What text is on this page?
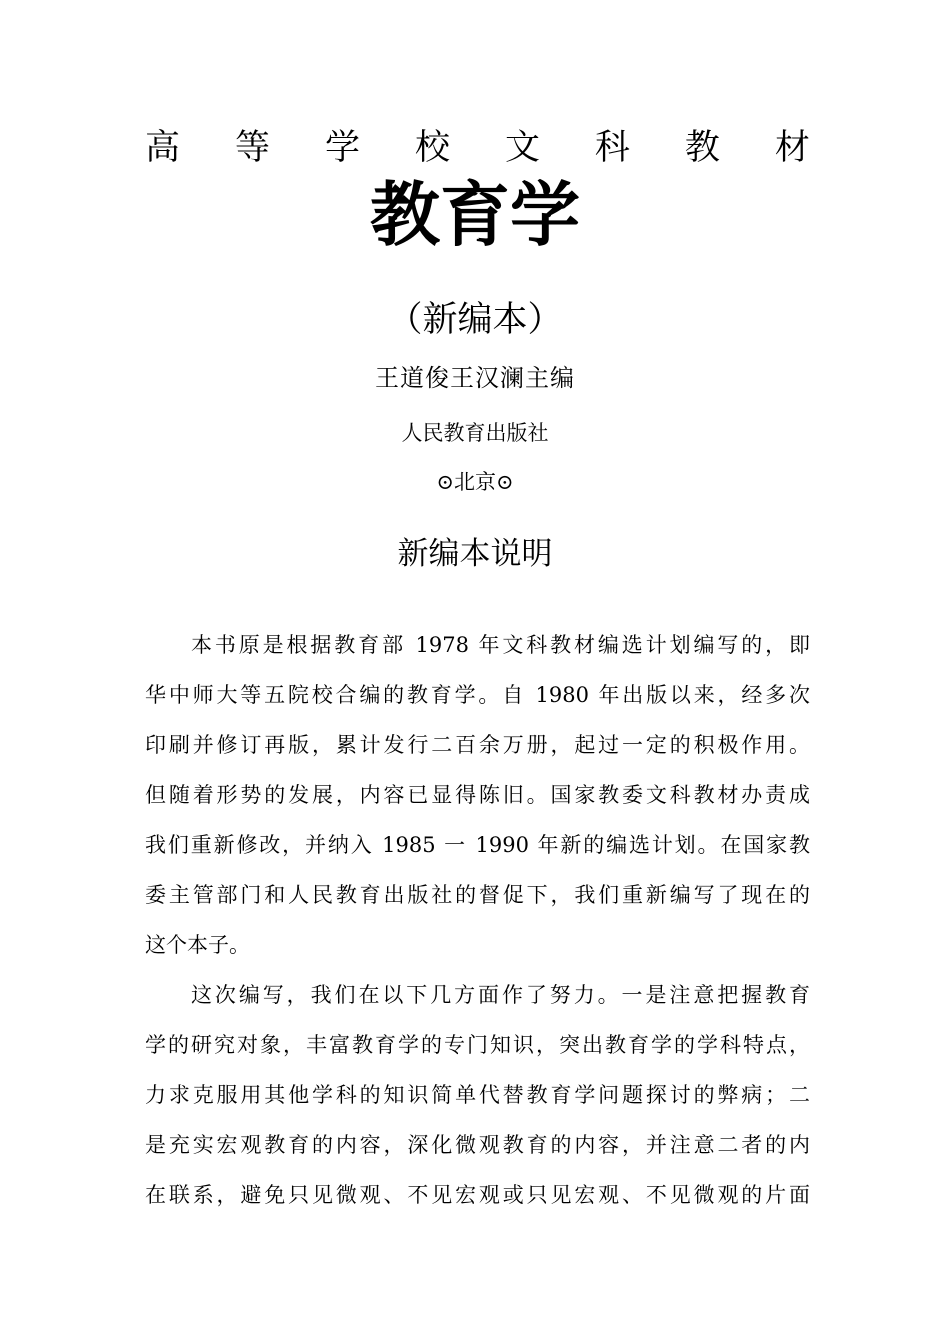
高 等 学 校 文 科 教 材
教育学
（新编本）
王道俊王汉澜主编
人民教育出版社
⊙北京⊙
新编本说明
本书原是根据教育部 1978 年文科教材编选计划编写的，即
华中师大等五院校合编的教育学。自 1980 年出版以来，经多次
印刷并修订再版，累计发行二百余万册，起过一定的积极作用。
但随着形势的发展，内容已显得陈旧。国家教委文科教材办责成
我们重新修改，并纳入 1985 一 1990 年新的编选计划。在国家教
委主管部门和人民教育出版社的督促下，我们重新编写了现在的
这个本子。
这次编写，我们在以下几方面作了努力。一是注意把握教育
学的研究对象，丰富教育学的专门知识，突出教育学的学科特点，
力求克服用其他学科的知识简单代替教育学问题探讨的弊病；二
是充实宏观教育的内容，深化微观教育的内容，并注意二者的内
在联系，避免只见微观、不见宏观或只见宏观、不见微观的片面
